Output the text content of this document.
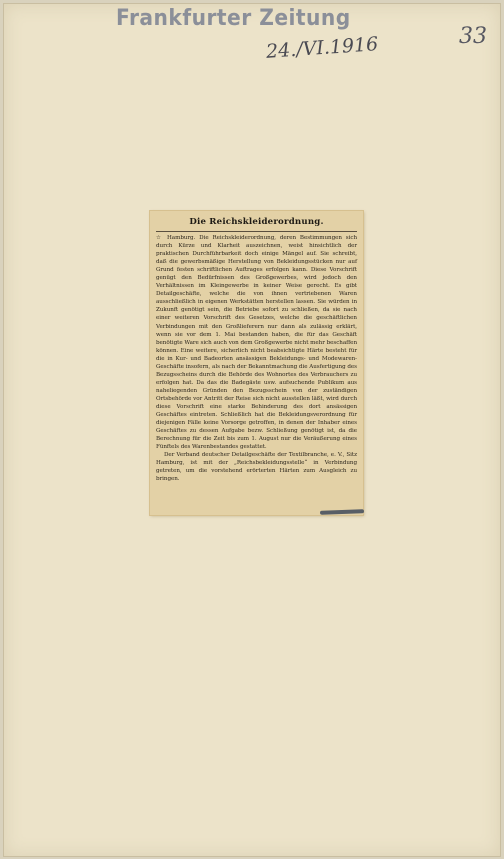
Frankfurter Zeitung
24./VI.1916	33
Die Reichskleiderordnung.

☆ Hamburg. Die Reichskleiderordnung, deren Bestimmungen sich durch Kürze und Klarheit auszeichnen, weist hinsichtlich der praktischen Durchführbarkeit doch einige Mängel auf. Sie schreibt, daß die gewerbsmäßige Herstellung von Bekleidungsstücken nur auf Grund festen schriftlichen Auftrages erfolgen kann. Diese Vorschrift genügt den Bedürfnissen des Großgewerbes, wird jedoch den Verhältnissen im Kleingewerbe in keiner Weise gerecht. Es gibt Detailgeschäfte, welche die von ihnen vertriebenen Waren ausschließlich in eigenen Werkstätten herstellen lassen. Sie würden in Zukunft genötigt sein, die Betriebe sofort zu schließen, da sie nach einer weiteren Vorschrift des Gesetzes, welche die geschäftlichen Verbindungen mit den Großlieferern nur dann als zulässig erklärt, wenn sie vor dem 1. Mai bestanden haben, die für das Geschäft benötigte Ware sich auch von dem Großgewerbe nicht mehr beschaffen können. Eine weitere, sicherlich nicht beabsichtigte Härte besteht für die in Kur- und Badeorten ansässigen Bekleidungs- und Modewaren-Geschäfte insofern, als nach der Bekanntmachung die Ausfertigung des Bezugsscheins durch die Behörde des Wohnortes des Verbrauchers zu erfolgen hat. Da das die Badegäste usw. aufsuchende Publikum aus naheliegenden Gründen den Bezugsschein von der zuständigen Ortsbehörde vor Antritt der Reise sich nicht ausstellen läßt, wird durch diese Vorschrift eine starke Behinderung des dort ansässigen Geschäftes eintreten. Schließlich hat die Bekleidungsverordnung für diejenigen Fälle keine Vorsorge getroffen, in denen der Inhaber eines Geschäftes zu dessen Aufgabe bezw. Schließung genötigt ist, da die Berechnung für die Zeit bis zum 1. August nur die Veräußerung eines Fünftels des Warenbestandes gestattet.

Der Verband deutscher Detailgeschäfte der Textilbranche, e. V., Sitz Hamburg, ist mit der „Reichsbekleidungsstelle“ in Verbindung getreten, um die vorstehend erörterten Härten zum Ausgleich zu bringen.
